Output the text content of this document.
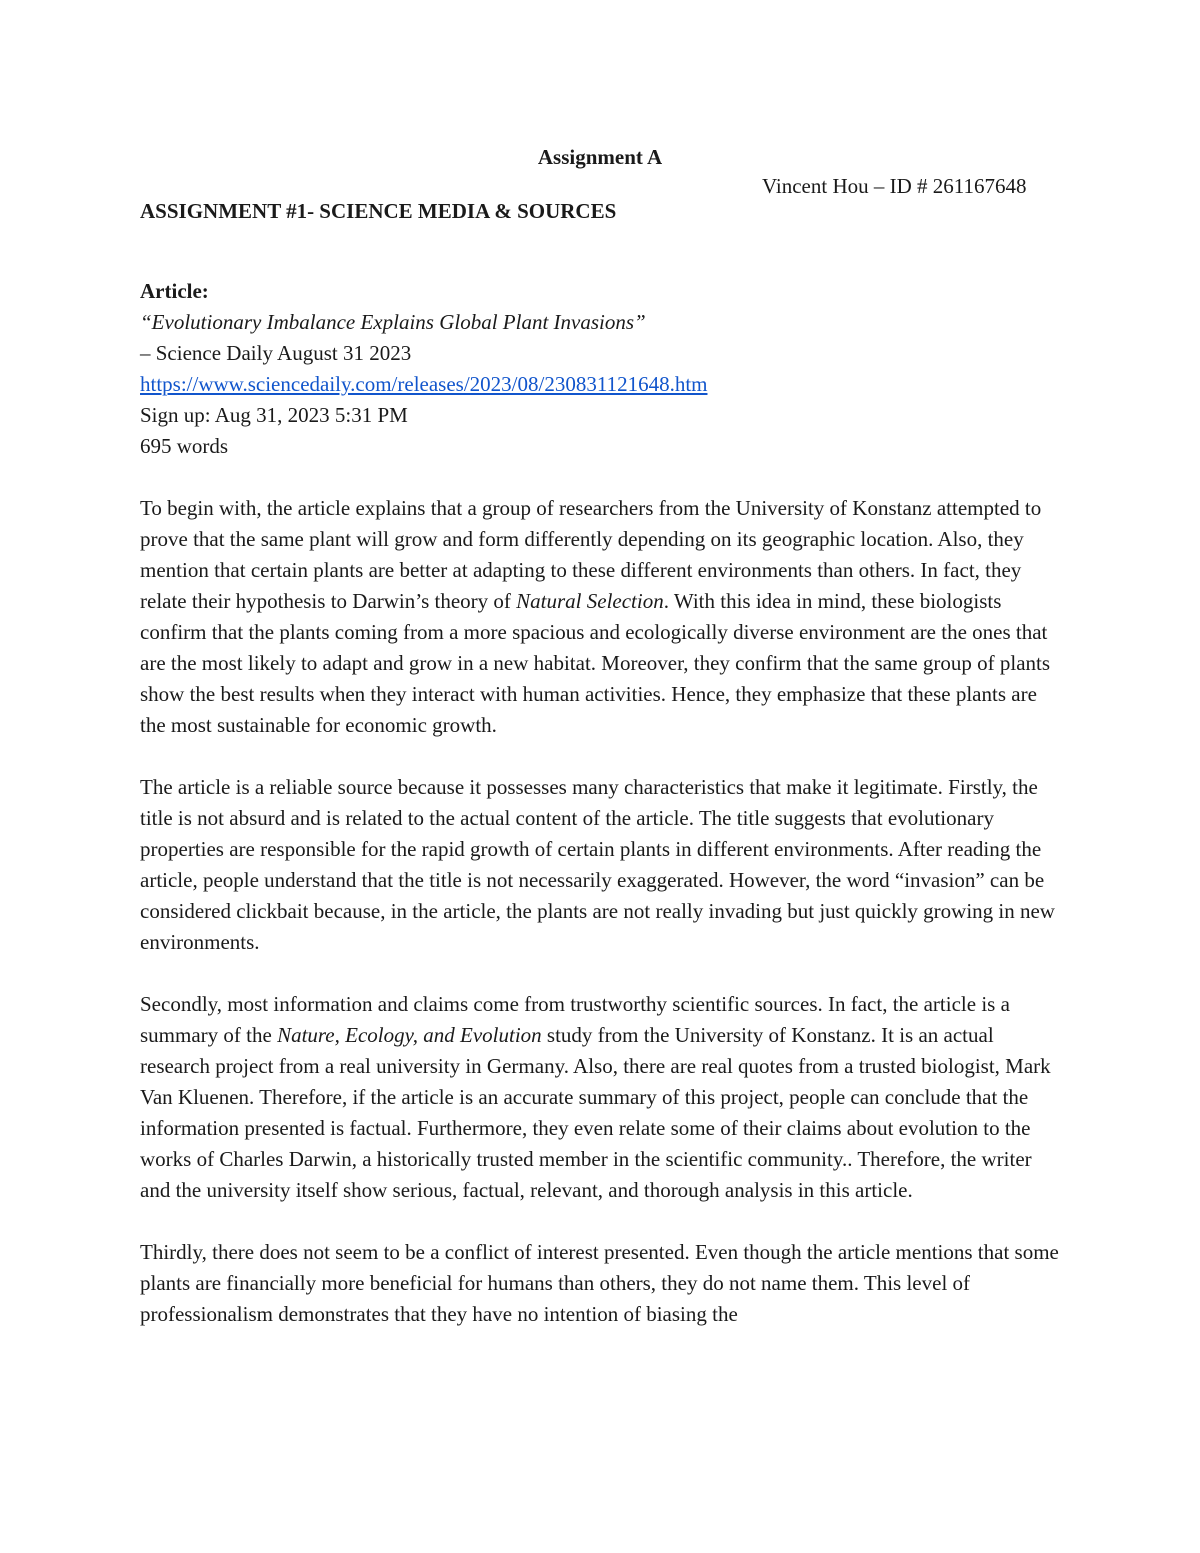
Assignment A
Vincent Hou – ID # 261167648
ASSIGNMENT #1- SCIENCE MEDIA & SOURCES

Article:
“Evolutionary Imbalance Explains Global Plant Invasions”
– Science Daily August 31 2023
https://www.sciencedaily.com/releases/2023/08/230831121648.htm
Sign up: Aug 31, 2023 5:31 PM
695 words

To begin with, the article explains that a group of researchers from the University of Konstanz attempted to prove that the same plant will grow and form differently depending on its geographic location. Also, they mention that certain plants are better at adapting to these different environments than others. In fact, they relate their hypothesis to Darwin’s theory of Natural Selection. With this idea in mind, these biologists confirm that the plants coming from a more spacious and ecologically diverse environment are the ones that are the most likely to adapt and grow in a new habitat. Moreover, they confirm that the same group of plants show the best results when they interact with human activities. Hence, they emphasize that these plants are the most sustainable for economic growth.

The article is a reliable source because it possesses many characteristics that make it legitimate. Firstly, the title is not absurd and is related to the actual content of the article. The title suggests that evolutionary properties are responsible for the rapid growth of certain plants in different environments. After reading the article, people understand that the title is not necessarily exaggerated. However, the word “invasion” can be considered clickbait because, in the article, the plants are not really invading but just quickly growing in new environments.

Secondly, most information and claims come from trustworthy scientific sources. In fact, the article is a summary of the Nature, Ecology, and Evolution study from the University of Konstanz. It is an actual research project from a real university in Germany. Also, there are real quotes from a trusted biologist, Mark Van Kluenen. Therefore, if the article is an accurate summary of this project, people can conclude that the information presented is factual. Furthermore, they even relate some of their claims about evolution to the works of Charles Darwin, a historically trusted member in the scientific community.. Therefore, the writer and the university itself show serious, factual, relevant, and thorough analysis in this article.

Thirdly, there does not seem to be a conflict of interest presented. Even though the article mentions that some plants are financially more beneficial for humans than others, they do not name them. This level of professionalism demonstrates that they have no intention of biasing the
